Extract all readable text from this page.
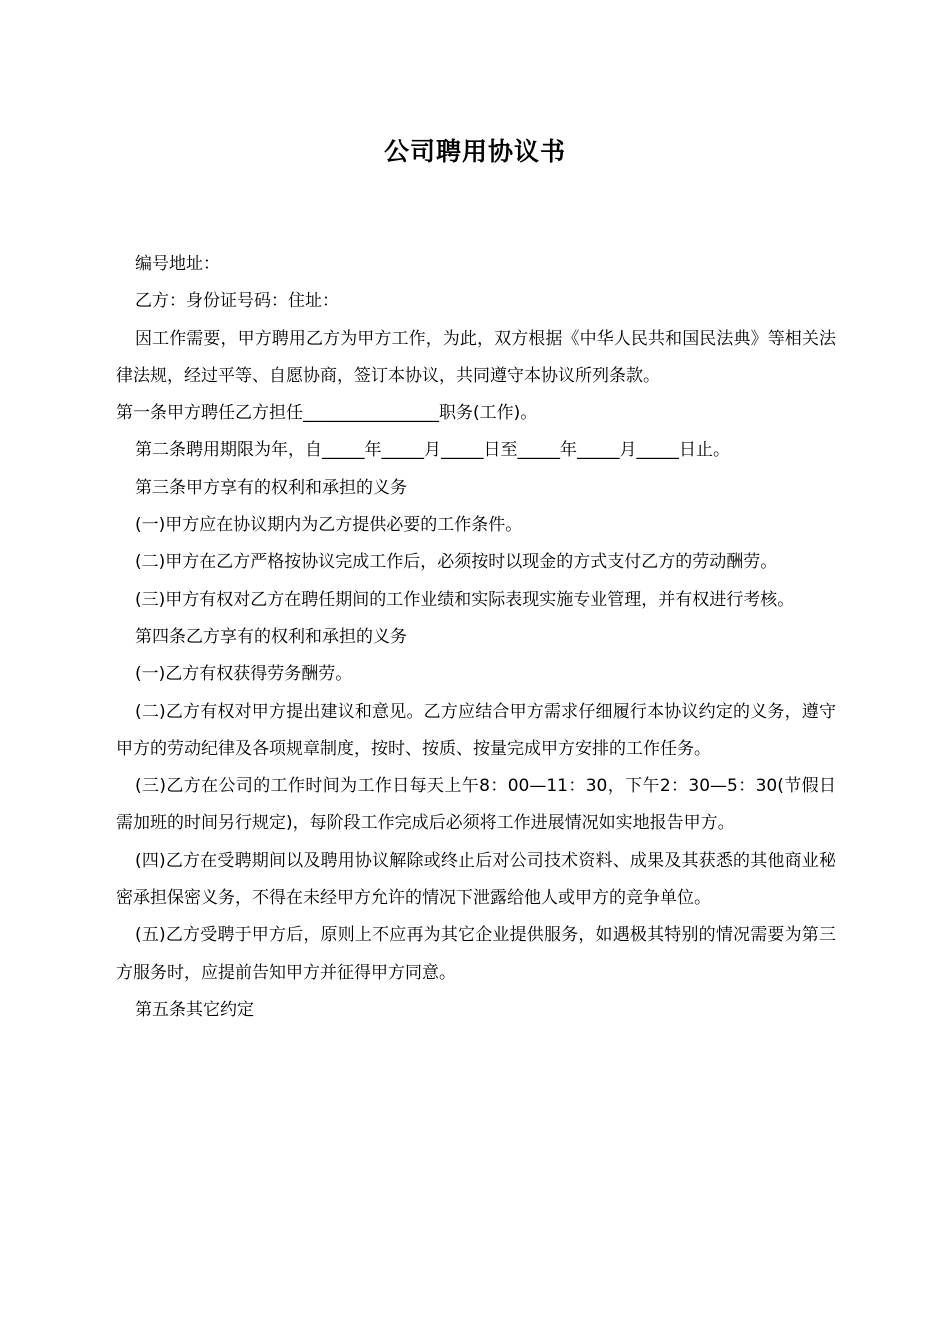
公司聘用协议书

编号地址：

乙方：身份证号码：住址：

因工作需要，甲方聘用乙方为甲方工作，为此，双方根据《中华人民共和国民法典》等相关法律法规，经过平等、自愿协商，签订本协议，共同遵守本协议所列条款。

第一条甲方聘任乙方担任________________职务(工作)。

第二条聘用期限为年，自_____年_____月_____日至_____年_____月_____日止。

第三条甲方享有的权利和承担的义务

(一)甲方应在协议期内为乙方提供必要的工作条件。

(二)甲方在乙方严格按协议完成工作后，必须按时以现金的方式支付乙方的劳动酬劳。

(三)甲方有权对乙方在聘任期间的工作业绩和实际表现实施专业管理，并有权进行考核。

第四条乙方享有的权利和承担的义务

(一)乙方有权获得劳务酬劳。

(二)乙方有权对甲方提出建议和意见。乙方应结合甲方需求仔细履行本协议约定的义务，遵守甲方的劳动纪律及各项规章制度，按时、按质、按量完成甲方安排的工作任务。

(三)乙方在公司的工作时间为工作日每天上午8：00—11：30，下午2：30—5：30(节假日需加班的时间另行规定)，每阶段工作完成后必须将工作进展情况如实地报告甲方。

(四)乙方在受聘期间以及聘用协议解除或终止后对公司技术资料、成果及其获悉的其他商业秘密承担保密义务，不得在未经甲方允许的情况下泄露给他人或甲方的竞争单位。

(五)乙方受聘于甲方后，原则上不应再为其它企业提供服务，如遇极其特别的情况需要为第三方服务时，应提前告知甲方并征得甲方同意。

第五条其它约定
